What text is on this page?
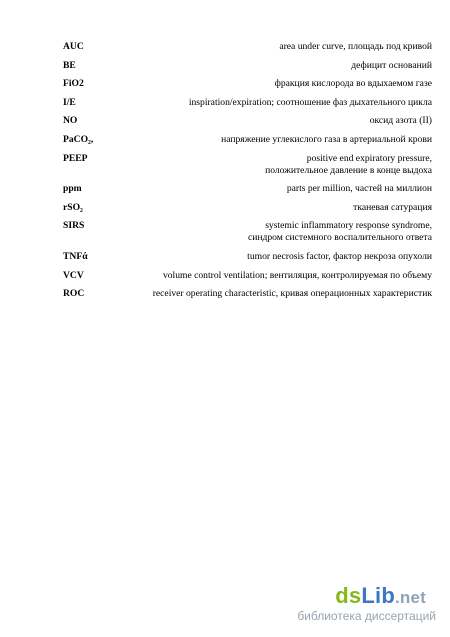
AUC	area under curve, площадь под кривой
BE	дефицит оснований
FiO2	фракция кислорода во вдыхаемом газе
I/E	inspiration/expiration; соотношение фаз дыхательного цикла
NO	оксид азота (II)
PaCO₂,	напряжение углекислого газа в артериальной крови
PEEP	positive end expiratory pressure,
положительное давление в конце выдоха
ppm	parts per million, частей на миллион
rSO₂	тканевая сатурация
SIRS	systemic inflammatory response syndrome,
синдром системного воспалительного ответа
TNFά	tumor necrosis factor, фактор некроза опухоли
VCV	volume control ventilation; вентиляция, контролируемая по объему
ROC	receiver operating characteristic, кривая операционных характеристик
dsLib.net
библиотека диссертаций
